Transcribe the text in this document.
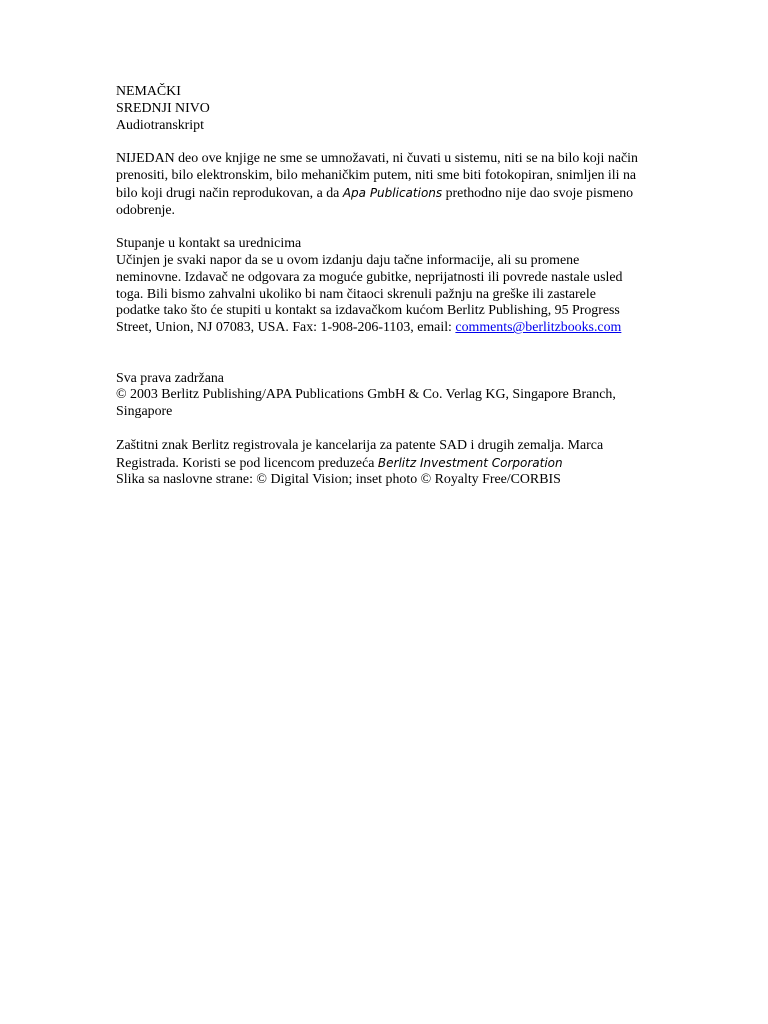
NEMAČKI
SREDNJI NIVO
Audiotranskript
NIJEDAN deo ove knjige ne sme se umnožavati, ni čuvati u sistemu, niti se na bilo koji način
prenositi, bilo elektronskim, bilo mehaničkim putem, niti sme biti fotokopiran, snimljen ili na
bilo koji drugi način reprodukovan, a da Apa Publications prethodno nije dao svoje pismeno
odobrenje.
Stupanje u kontakt sa urednicima
Učinjen je svaki napor da se u ovom izdanju daju tačne informacije, ali su promene
neminovne. Izdavač ne odgovara za moguće gubitke, neprijatnosti ili povrede nastale usled
toga. Bili bismo zahvalni ukoliko bi nam čitaoci skrenuli pažnju na greške ili zastarele
podatke tako što će stupiti u kontakt sa izdavačkom kućom Berlitz Publishing, 95 Progress
Street, Union, NJ 07083, USA. Fax: 1-908-206-1103, email: comments@berlitzbooks.com
Sva prava zadržana
© 2003 Berlitz Publishing/APA Publications GmbH & Co. Verlag KG, Singapore Branch,
Singapore
Zaštitni znak Berlitz registrovala je kancelarija za patente SAD i drugih zemalja. Marca
Registrada. Koristi se pod licencom preduzeća Berlitz Investment Corporation
Slika sa naslovne strane: © Digital Vision; inset photo © Royalty Free/CORBIS
